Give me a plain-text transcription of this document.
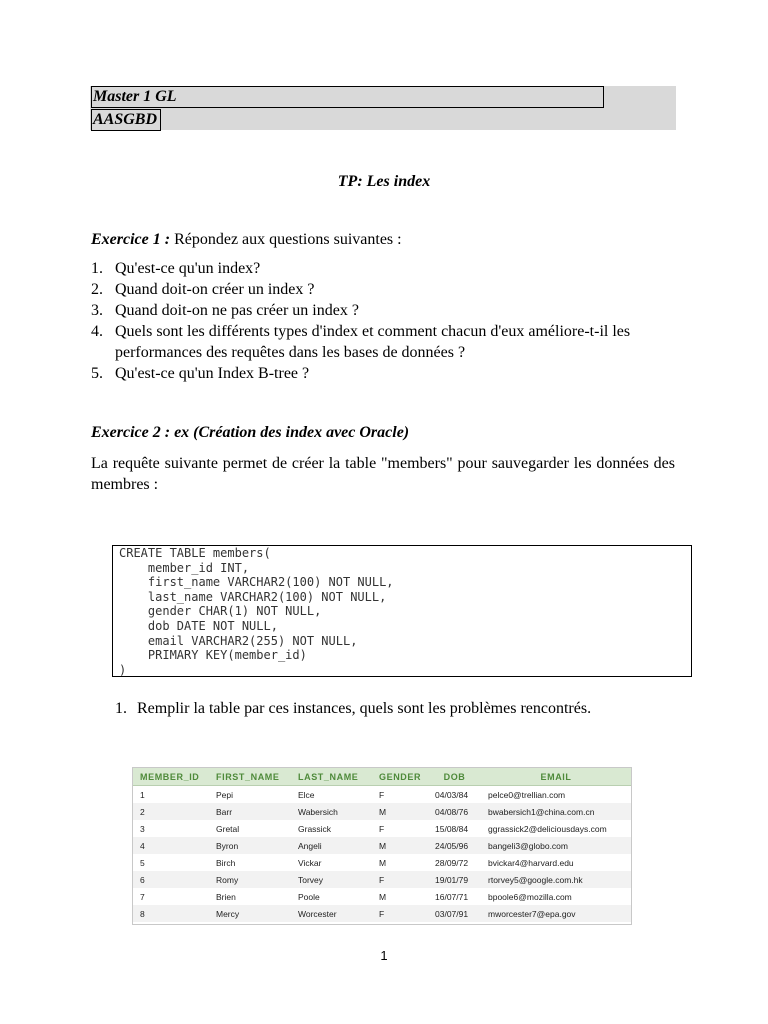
Master 1 GL
AASGBD
TP: Les index
Exercice 1 : Répondez aux questions suivantes :
1. Qu'est-ce qu'un index?
2. Quand doit-on créer un index ?
3. Quand doit-on ne pas créer un index ?
4. Quels sont les différents types d'index et comment chacun d'eux améliore-t-il les performances des requêtes dans les bases de données ?
5. Qu'est-ce qu'un Index B-tree ?
Exercice 2 : ex (Création des index avec Oracle)
La requête suivante permet de créer la table "members" pour sauvegarder les données des membres :
CREATE TABLE members(
member_id INT,
first_name VARCHAR2(100) NOT NULL,
last_name VARCHAR2(100) NOT NULL,
gender CHAR(1) NOT NULL,
dob DATE NOT NULL,
email VARCHAR2(255) NOT NULL,
PRIMARY KEY(member_id)
)
1. Remplir la table par ces instances, quels sont les problèmes rencontrés.
MEMBER_ID	FIRST_NAME	LAST_NAME	GENDER	DOB	EMAIL
1	Pepi	Elce	F	04/03/84	pelce0@trellian.com
2	Barr	Wabersich	M	04/08/76	bwabersich1@china.com.cn
3	Gretal	Grassick	F	15/08/84	ggrassick2@deliciousdays.com
4	Byron	Angeli	M	24/05/96	bangeli3@globo.com
5	Birch	Vickar	M	28/09/72	bvickar4@harvard.edu
6	Romy	Torvey	F	19/01/79	rtorvey5@google.com.hk
7	Brien	Poole	M	16/07/71	bpoole6@mozilla.com
8	Mercy	Worcester	F	03/07/91	mworcester7@epa.gov
1
